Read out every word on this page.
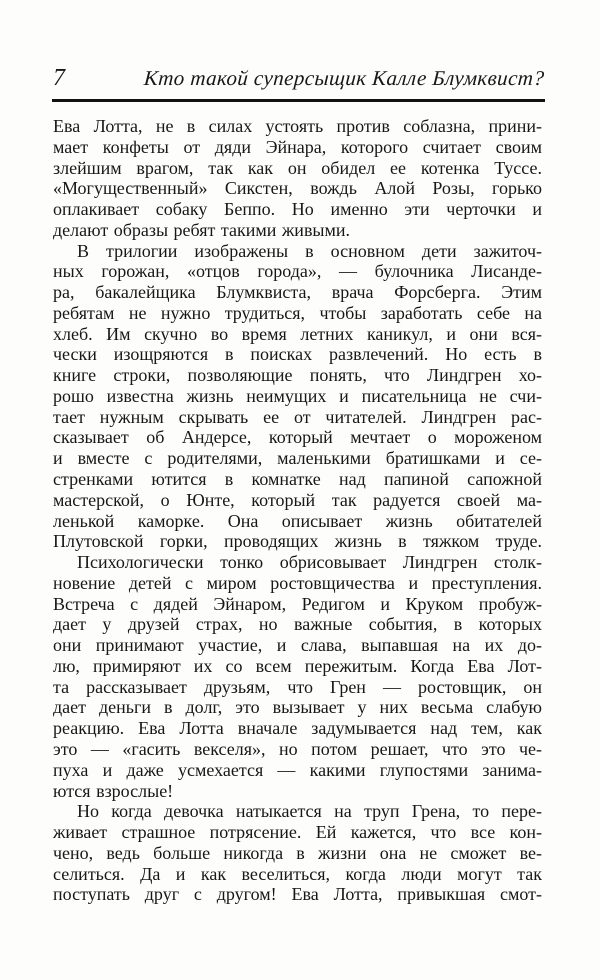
7	Кто такой суперсыщик Калле Блумквист?
Ева Лотта, не в силах устоять против соблазна, прини-
мает конфеты от дяди Эйнара, которого считает своим
злейшим врагом, так как он обидел ее котенка Туссе.
«Могущественный» Сикстен, вождь Алой Розы, горько
оплакивает собаку Беппо. Но именно эти черточки и
делают образы ребят такими живыми.
В трилогии изображены в основном дети зажиточ-
ных горожан, «отцов города», — булочника Лисанде-
ра, бакалейщика Блумквиста, врача Форсберга. Этим
ребятам не нужно трудиться, чтобы заработать себе на
хлеб. Им скучно во время летних каникул, и они вся-
чески изощряются в поисках развлечений. Но есть в
книге строки, позволяющие понять, что Линдгрен хо-
рошо известна жизнь неимущих и писательница не счи-
тает нужным скрывать ее от читателей. Линдгрен рас-
сказывает об Андерсе, который мечтает о мороженом
и вместе с родителями, маленькими братишками и се-
стренками ютится в комнатке над папиной сапожной
мастерской, о Юнте, который так радуется своей ма-
ленькой каморке. Она описывает жизнь обитателей
Плутовской горки, проводящих жизнь в тяжком труде.
Психологически тонко обрисовывает Линдгрен столк-
новение детей с миром ростовщичества и преступления.
Встреча с дядей Эйнаром, Редигом и Круком пробуж-
дает у друзей страх, но важные события, в которых
они принимают участие, и слава, выпавшая на их до-
лю, примиряют их со всем пережитым. Когда Ева Лот-
та рассказывает друзьям, что Грен — ростовщик, он
дает деньги в долг, это вызывает у них весьма слабую
реакцию. Ева Лотта вначале задумывается над тем, как
это — «гасить векселя», но потом решает, что это че-
пуха и даже усмехается — какими глупостями занима-
ются взрослые!
Но когда девочка натыкается на труп Грена, то пере-
живает страшное потрясение. Ей кажется, что все кон-
чено, ведь больше никогда в жизни она не сможет ве-
селиться. Да и как веселиться, когда люди могут так
поступать друг с другом! Ева Лотта, привыкшая смот-
